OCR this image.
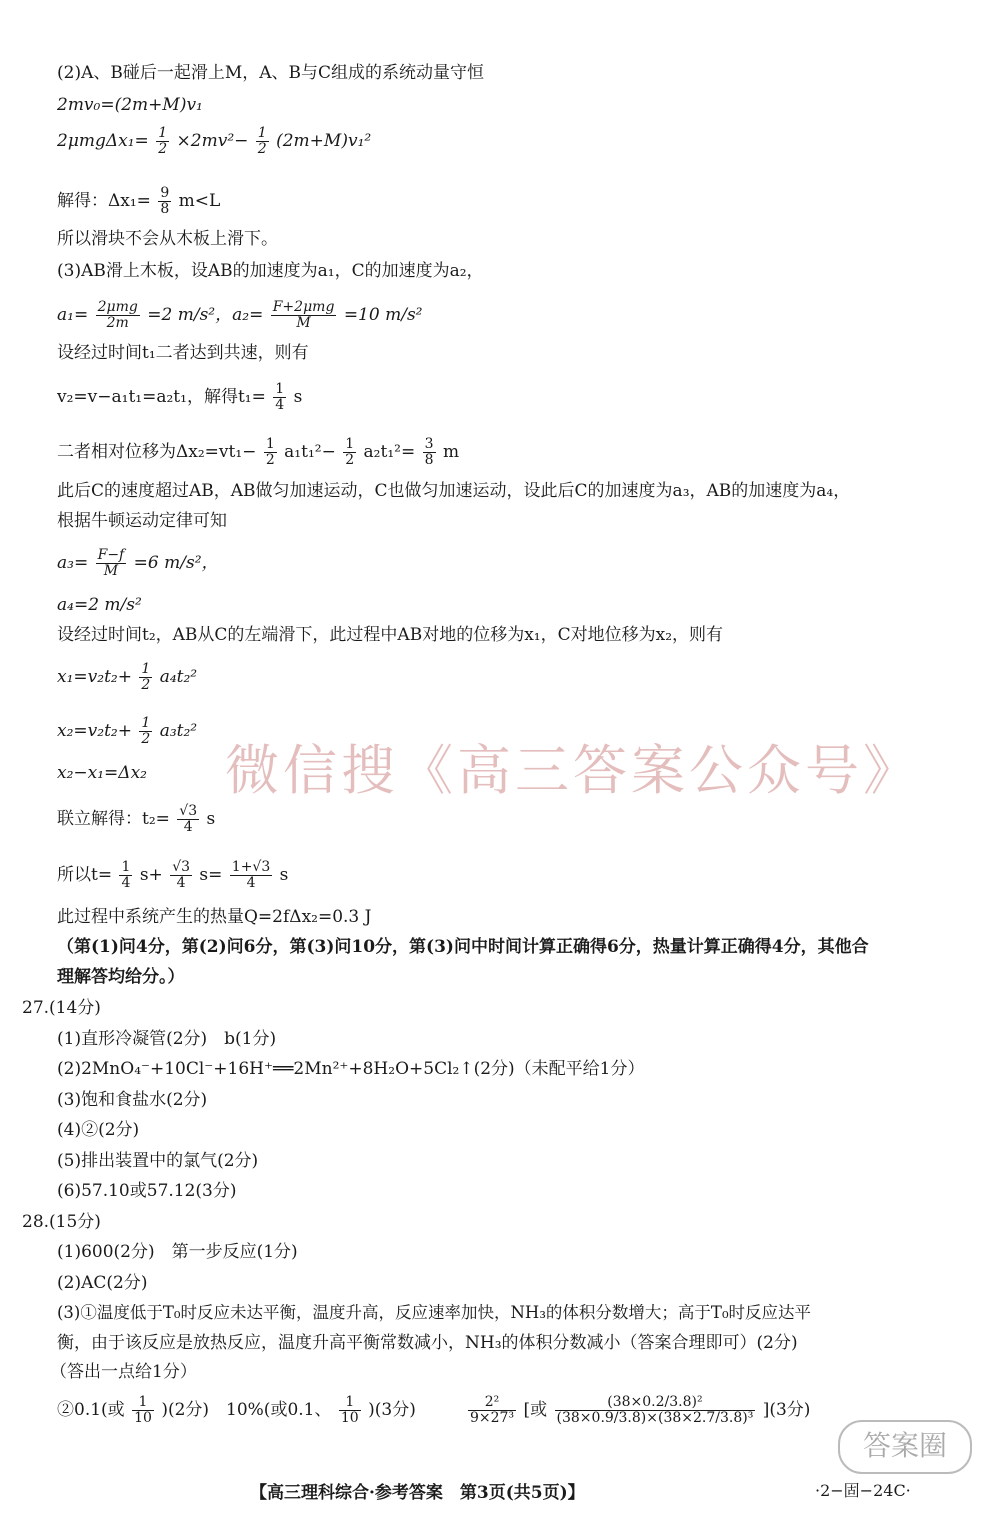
(2)A、B碰后一起滑上M，A、B与C组成的系统动量守恒
2mv₀=(2m+M)v₁
$2\mu mg\Delta x_1= \frac{1}{2} \times 2mv^2- \frac{1}{2} (2m+M)v_1^2$
解得：$\Delta x_1= \frac{9}{8} m<L$
所以滑块不会从木板上滑下。
(3)AB滑上木板，设AB的加速度为a₁，C的加速度为a₂，
a₁= 2μmg
2m	=2 m/s²，a₂= F+2μmg
M	=10 m/s²
设经过时间t₁二者达到共速，则有
v₂=v−a₁t₁=a₂t₁，解得$t_1= \frac{1}{4}$ s
二者相对位移为$\Delta x_2=vt_1- \frac{1}{2} a_1t_1^2- \frac{1}{2} a_2t_1^2= \frac{3}{8}$ m
此后C的速度超过AB，AB做匀加速运动，C也做匀加速运动，设此后C的加速度为a₃，AB的加速度为a₄，
根据牛顿运动定律可知
$a_3= \frac{F-f}{M} =6$ m/s²，
a₄=2 m/s²
设经过时间t₂，AB从C的左端滑下，此过程中AB对地的位移为x₁，C对地位移为x₂，则有
$x_1=v_2t_2+ \frac{1}{2} a_4t_2^2$
$x_2=v_2t_2+ \frac{1}{2} a_3t_2^2$
x₂−x₁=Δx₂
联立解得：$t_2= \frac{√3}{4}$ s
所以$t= \frac{1}{4} s+ \frac{√3}{4} s= \frac{1+√3}{4}$ s
此过程中系统产生的热量Q=2fΔx₂=0.3 J
（第(1)问4分，第(2)问6分，第(3)问10分，第(3)问中时间计算正确得6分，热量计算正确得4分，其他合
理解答均给分。）
27.(14分)
(1)直形冷凝管(2分)　b(1分)
(2)2MnO₄⁻+10Cl⁻+16H⁺══2Mn²⁺+8H₂O+5Cl₂↑(2分)（未配平给1分）
(3)饱和食盐水(2分)
(4)②(2分)
(5)排出装置中的氯气(2分)
(6)57.10或57.12(3分)
28.(15分)
(1)600(2分)　第一步反应(1分)
(2)AC(2分)
(3)①温度低于T₀时反应未达平衡，温度升高，反应速率加快，NH₃的体积分数增大；高于T₀时反应达平
衡，由于该反应是放热反应，温度升高平衡常数减小，NH₃的体积分数减小（答案合理即可）(2分)
（答出一点给1分）
②0.1(或 $\frac{1}{10} )(2$分)　10%(或0.1、 $\frac{1}{10} )(3$分)	$\frac{\text{2²}}{\text{9×27³}}$ [或 $\frac{\text{(38×0.2/3.8)²}}{\text{(38×0.9/3.8)×(38×2.7/3.8)³}} ](3$分)
微信搜《高三答案公众号》
答案圈
【高三理科综合·参考答案　第3页(共5页)】	·2−固−24C·
